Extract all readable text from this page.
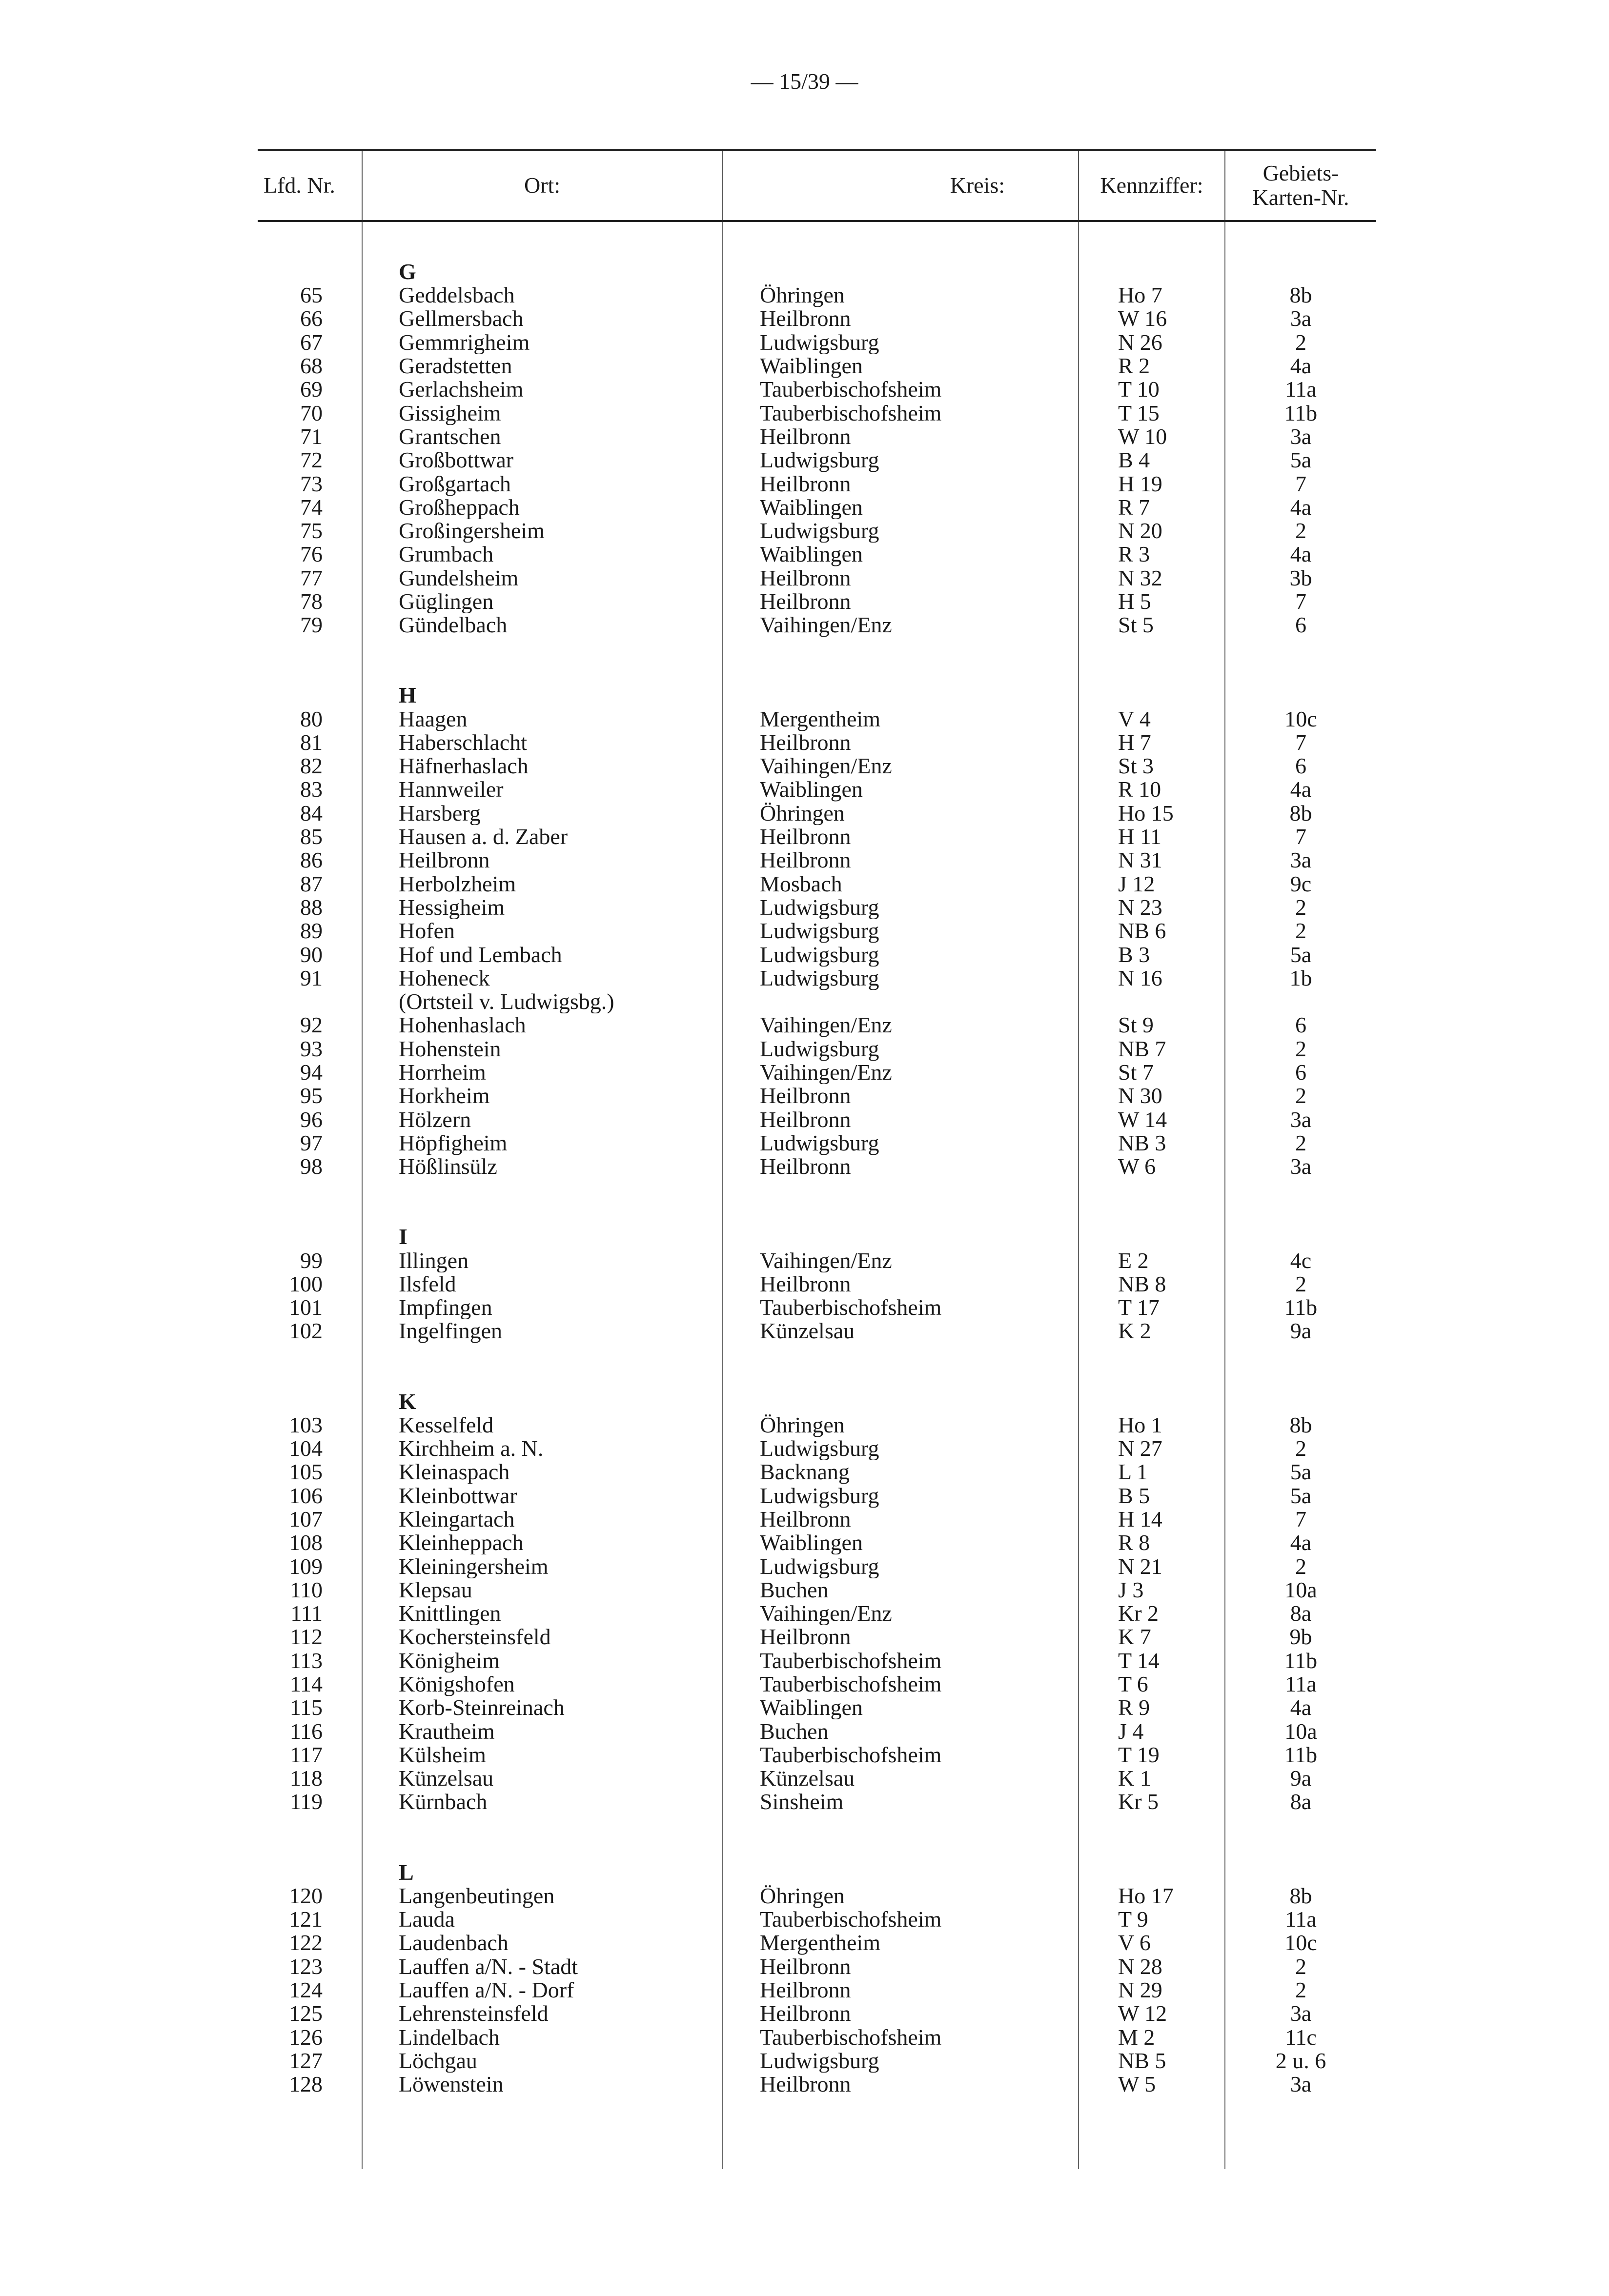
— 15/39 —
Lfd. Nr.	Ort:	Kreis:	Kennziffer:	Gebiets-
Karten-Nr.

	G			
65	Geddelsbach	Öhringen	Ho 7	8b
66	Gellmersbach	Heilbronn	W 16	3a
67	Gemmrigheim	Ludwigsburg	N 26	2
68	Geradstetten	Waiblingen	R 2	4a
69	Gerlachsheim	Tauberbischofsheim	T 10	11a
70	Gissigheim	Tauberbischofsheim	T 15	11b
71	Grantschen	Heilbronn	W 10	3a
72	Großbottwar	Ludwigsburg	B 4	5a
73	Großgartach	Heilbronn	H 19	7
74	Großheppach	Waiblingen	R 7	4a
75	Großingersheim	Ludwigsburg	N 20	2
76	Grumbach	Waiblingen	R 3	4a
77	Gundelsheim	Heilbronn	N 32	3b
78	Güglingen	Heilbronn	H 5	7
79	Gündelbach	Vaihingen/Enz	St 5	6

	H			
80	Haagen	Mergentheim	V 4	10c
81	Haberschlacht	Heilbronn	H 7	7
82	Häfnerhaslach	Vaihingen/Enz	St 3	6
83	Hannweiler	Waiblingen	R 10	4a
84	Harsberg	Öhringen	Ho 15	8b
85	Hausen a. d. Zaber	Heilbronn	H 11	7
86	Heilbronn	Heilbronn	N 31	3a
87	Herbolzheim	Mosbach	J 12	9c
88	Hessigheim	Ludwigsburg	N 23	2
89	Hofen	Ludwigsburg	NB 6	2
90	Hof und Lembach	Ludwigsburg	B 3	5a
91	Hoheneck	Ludwigsburg	N 16	1b
	(Ortsteil v. Ludwigsbg.)			
92	Hohenhaslach	Vaihingen/Enz	St 9	6
93	Hohenstein	Ludwigsburg	NB 7	2
94	Horrheim	Vaihingen/Enz	St 7	6
95	Horkheim	Heilbronn	N 30	2
96	Hölzern	Heilbronn	W 14	3a
97	Höpfigheim	Ludwigsburg	NB 3	2
98	Hößlinsülz	Heilbronn	W 6	3a

	I			
99	Illingen	Vaihingen/Enz	E 2	4c
100	Ilsfeld	Heilbronn	NB 8	2
101	Impfingen	Tauberbischofsheim	T 17	11b
102	Ingelfingen	Künzelsau	K 2	9a

	K			
103	Kesselfeld	Öhringen	Ho 1	8b
104	Kirchheim a. N.	Ludwigsburg	N 27	2
105	Kleinaspach	Backnang	L 1	5a
106	Kleinbottwar	Ludwigsburg	B 5	5a
107	Kleingartach	Heilbronn	H 14	7
108	Kleinheppach	Waiblingen	R 8	4a
109	Kleiningersheim	Ludwigsburg	N 21	2
110	Klepsau	Buchen	J 3	10a
111	Knittlingen	Vaihingen/Enz	Kr 2	8a
112	Kochersteinsfeld	Heilbronn	K 7	9b
113	Königheim	Tauberbischofsheim	T 14	11b
114	Königshofen	Tauberbischofsheim	T 6	11a
115	Korb-Steinreinach	Waiblingen	R 9	4a
116	Krautheim	Buchen	J 4	10a
117	Külsheim	Tauberbischofsheim	T 19	11b
118	Künzelsau	Künzelsau	K 1	9a
119	Kürnbach	Sinsheim	Kr 5	8a

	L			
120	Langenbeutingen	Öhringen	Ho 17	8b
121	Lauda	Tauberbischofsheim	T 9	11a
122	Laudenbach	Mergentheim	V 6	10c
123	Lauffen a/N. - Stadt	Heilbronn	N 28	2
124	Lauffen a/N. - Dorf	Heilbronn	N 29	2
125	Lehrensteinsfeld	Heilbronn	W 12	3a
126	Lindelbach	Tauberbischofsheim	M 2	11c
127	Löchgau	Ludwigsburg	NB 5	2 u. 6
128	Löwenstein	Heilbronn	W 5	3a
